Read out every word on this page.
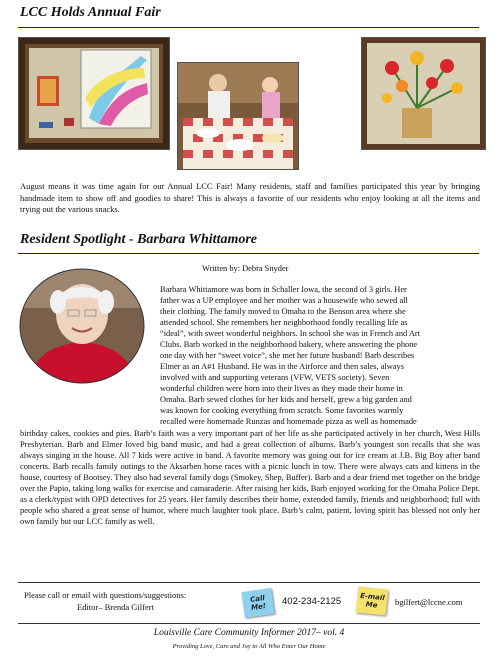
LCC Holds Annual Fair

August means it was time again for our Annual LCC Fair! Many residents, staff and families participated this year by bringing handmade item to show off and goodies to share! This is always a favorite of our residents who enjoy looking at all the items and trying out the various snacks.

Resident Spotlight - Barbara Whittamore
Written by: Debra Snyder
Barbara Whittamore was born in Schaller Iowa, the second of 3 girls. Her
father was a UP employee and her mother was a housewife who sewed all
their clothing. The family moved to Omaha to the Benson area where she
attended school. She remembers her neighborhood fondly recalling life as
“ideal”, with sweet wonderful neighbors. In school she was in French and Art
Clubs. Barb worked in the neighborhood bakery, where answering the phone
one day with her “sweet voice”, she met her future husband! Barb describes
Elmer as an A#1 Husband. He was in the Airforce and then sales, always
involved with and supporting veterans (VFW, VETS society). Seven
wonderful children were born into their lives as they made their home in
Omaha. Barb sewed clothes for her kids and herself, grew a big garden and
was known for cooking everything from scratch. Some favorites warmly
recalled were homemade Runzas and homemade pizza as well as homemade

birthday cakes, cookies and pies. Barb’s faith was a very important part of her life as she participated actively in her church, West Hills Presbyterian. Barb and Elmer loved big band music, and had a great collection of albums. Barb’s youngest son recalls that she was always singing in the house. All 7 kids were active in band. A favorite memory was going out for ice cream at J.B. Big Boy after band concerts. Barb recalls family outings to the Aksarben horse races with a picnic lunch in tow. There were always cats and kittens in the house, courtesy of Bootsey. They also had several family dogs (Smokey, Shep, Buffer). Barb and a dear friend met together on the bridge over the Papio, taking long walks for exercise and camaraderie. After raising her kids, Barb enjoyed working for the Omaha Police Dept. as a clerk/typist with OPD detectives for 25 years. Her family describes their home, extended family, friends and neighborhood; full with people who shared a great sense of humor, where much laughter took place. Barb’s calm, patient, loving spirit has blessed not only her own family but our LCC family as well.

Please call or email with questions/suggestions:
Editor– Brenda Gilfert
Call Me!	402-234-2125	E-mail Me	bgilfert@lccne.com
Louisville Care Community Informer 2017– vol. 4
Providing Love, Care and Joy to All Who Enter Our Home
